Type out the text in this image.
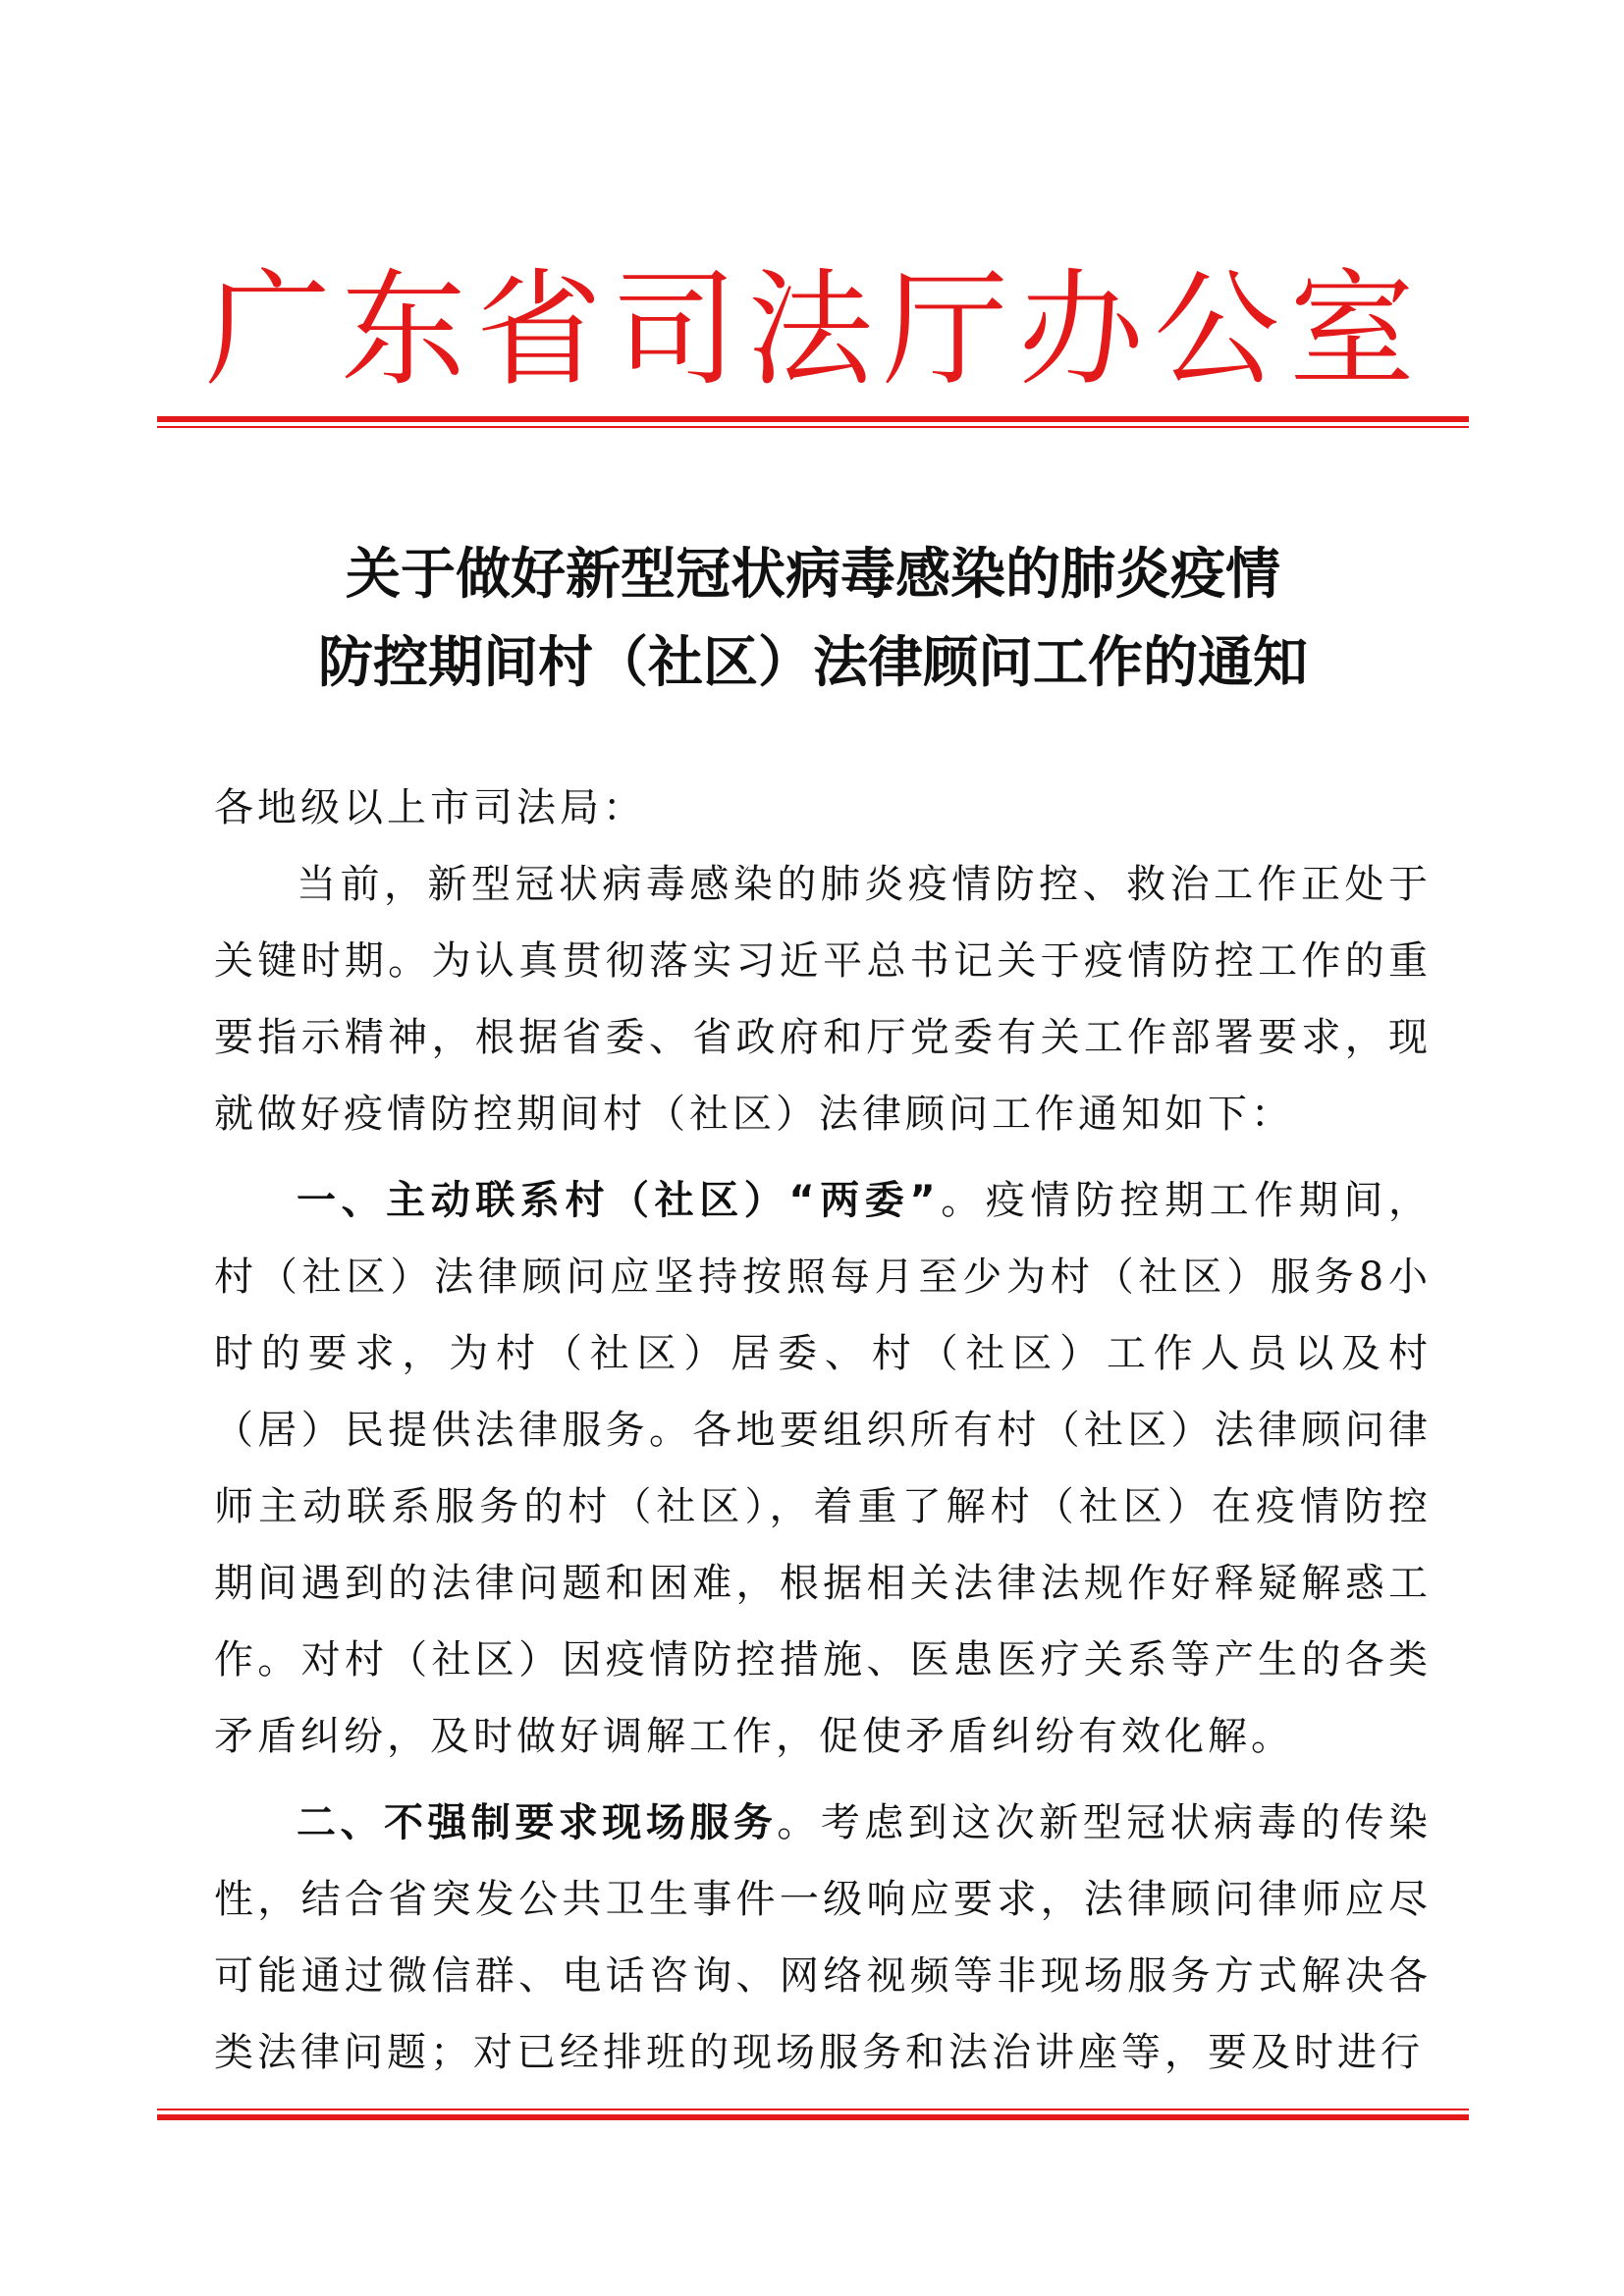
广东省司法厅办公室
关于做好新型冠状病毒感染的肺炎疫情
防控期间村（社区）法律顾问工作的通知

各地级以上市司法局：

当前，新型冠状病毒感染的肺炎疫情防控、救治工作正处于关键时期。为认真贯彻落实习近平总书记关于疫情防控工作的重要指示精神，根据省委、省政府和厅党委有关工作部署要求，现就做好疫情防控期间村（社区）法律顾问工作通知如下：

一、主动联系村（社区）“两委”。疫情防控期工作期间，村（社区）法律顾问应坚持按照每月至少为村（社区）服务8小时的要求，为村（社区）居委、村（社区）工作人员以及村（居）民提供法律服务。各地要组织所有村（社区）法律顾问律师主动联系服务的村（社区），着重了解村（社区）在疫情防控期间遇到的法律问题和困难，根据相关法律法规作好释疑解惑工作。对村（社区）因疫情防控措施、医患医疗关系等产生的各类矛盾纠纷，及时做好调解工作，促使矛盾纠纷有效化解。

二、不强制要求现场服务。考虑到这次新型冠状病毒的传染性，结合省突发公共卫生事件一级响应要求，法律顾问律师应尽可能通过微信群、电话咨询、网络视频等非现场服务方式解决各类法律问题；对已经排班的现场服务和法治讲座等，要及时进行
